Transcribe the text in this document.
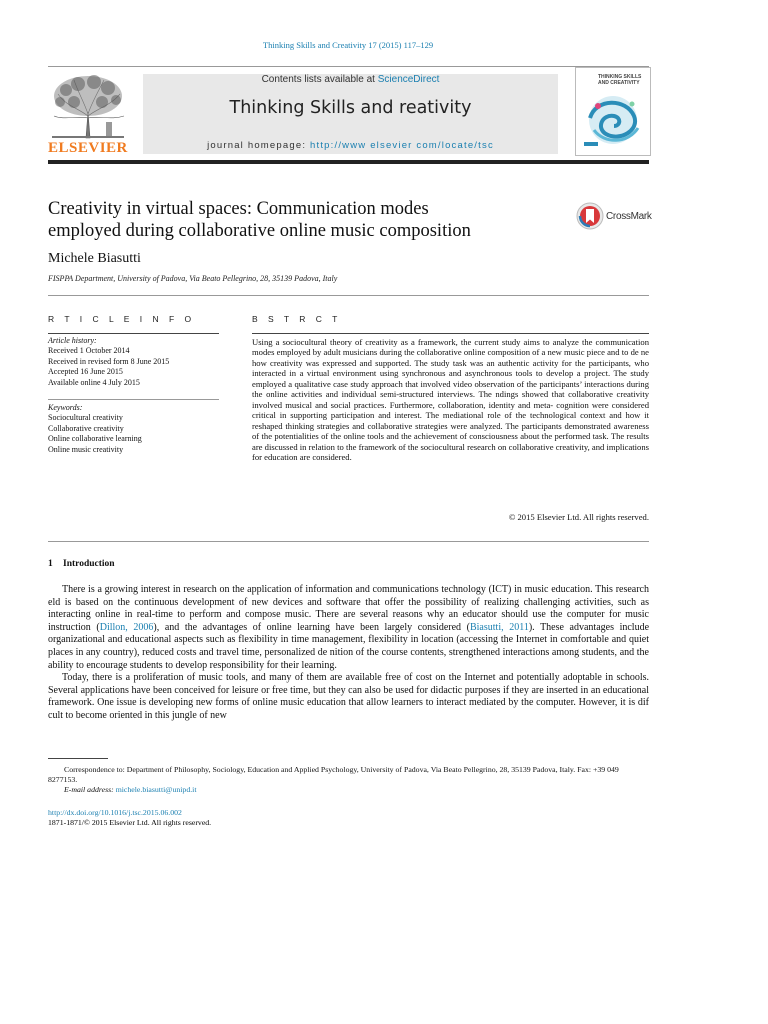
Thinking Skills and Creativity 17 (2015) 117–129
ELSEVIER
Contents lists available at ScienceDirect
Thinking Skills and reativity
journal homepage: http://www elsevier com/locate/tsc
THINKING SKILLS
AND CREATIVITY
Creativity in virtual spaces: Communication modes
employed during collaborative online music composition
CrossMark
Michele Biasutti
FISPPA Department, University of Padova, Via Beato Pellegrino, 28, 35139 Padova, Italy
R T I C L E I N F O
Article history:
Received 1 October 2014
Received in revised form 8 June 2015
Accepted 16 June 2015
Available online 4 July 2015
Keywords:
Sociocultural creativity
Collaborative creativity
Online collaborative learning
Online music creativity
B S T R C T
Using a sociocultural theory of creativity as a framework, the current study aims to analyze the communication modes employed by adult musicians during the collaborative online composition of a new music piece and to de ne how creativity was expressed and supported. The study task was an authentic activity for the participants, who interacted in a virtual environment using synchronous and asynchronous tools to develop a project. The study employed a qualitative case study approach that involved video observation of the participants’ interactions during the online activities and individual semi-structured interviews. The ndings showed that collaborative creativity involved musical and social practices. Furthermore, collaboration, identity and meta- cognition were considered critical in supporting participation and interest. The mediational role of the technological context and how it reshaped thinking strategies and collaborative strategies were analyzed. The participants demonstrated awareness of the potentialities of the online tools and the achievement of consciousness about the performed task. The results are discussed in relation to the framework of the sociocultural research on collaborative creativity, and implications for education are considered.
© 2015 Elsevier Ltd. All rights reserved.
1 Introduction

There is a growing interest in research on the application of information and communications technology (ICT) in music education. This research eld is based on the continuous development of new devices and software that offer the possibility of realizing challenging activities, such as interacting online in real-time to perform and compose music. There are several reasons why an educator should use the computer for music instruction (Dillon, 2006), and the advantages of online learning have been largely considered (Biasutti, 2011). These advantages include organizational and educational aspects such as flexibility in time management, flexibility in location (accessing the Internet in comfortable and quiet places in any country), reduced costs and travel time, personalized de nition of the course contents, strengthened interactions among students, and the ability to encourage students to develop responsibility for their learning.

Today, there is a proliferation of music tools, and many of them are available free of cost on the Internet and potentially adoptable in schools. Several applications have been conceived for leisure or free time, but they can also be used for didactic purposes if they are inserted in an educational framework. One issue is developing new forms of online music education that allow learners to interact mediated by the computer. However, it is dif cult to become oriented in this jungle of new

Correspondence to: Department of Philosophy, Sociology, Education and Applied Psychology, University of Padova, Via Beato Pellegrino, 28, 35139 Padova, Italy. Fax: +39 049 8277153.
E-mail address: michele.biasutti@unipd.it
http://dx.doi.org/10.1016/j.tsc.2015.06.002
1871-1871/© 2015 Elsevier Ltd. All rights reserved.
